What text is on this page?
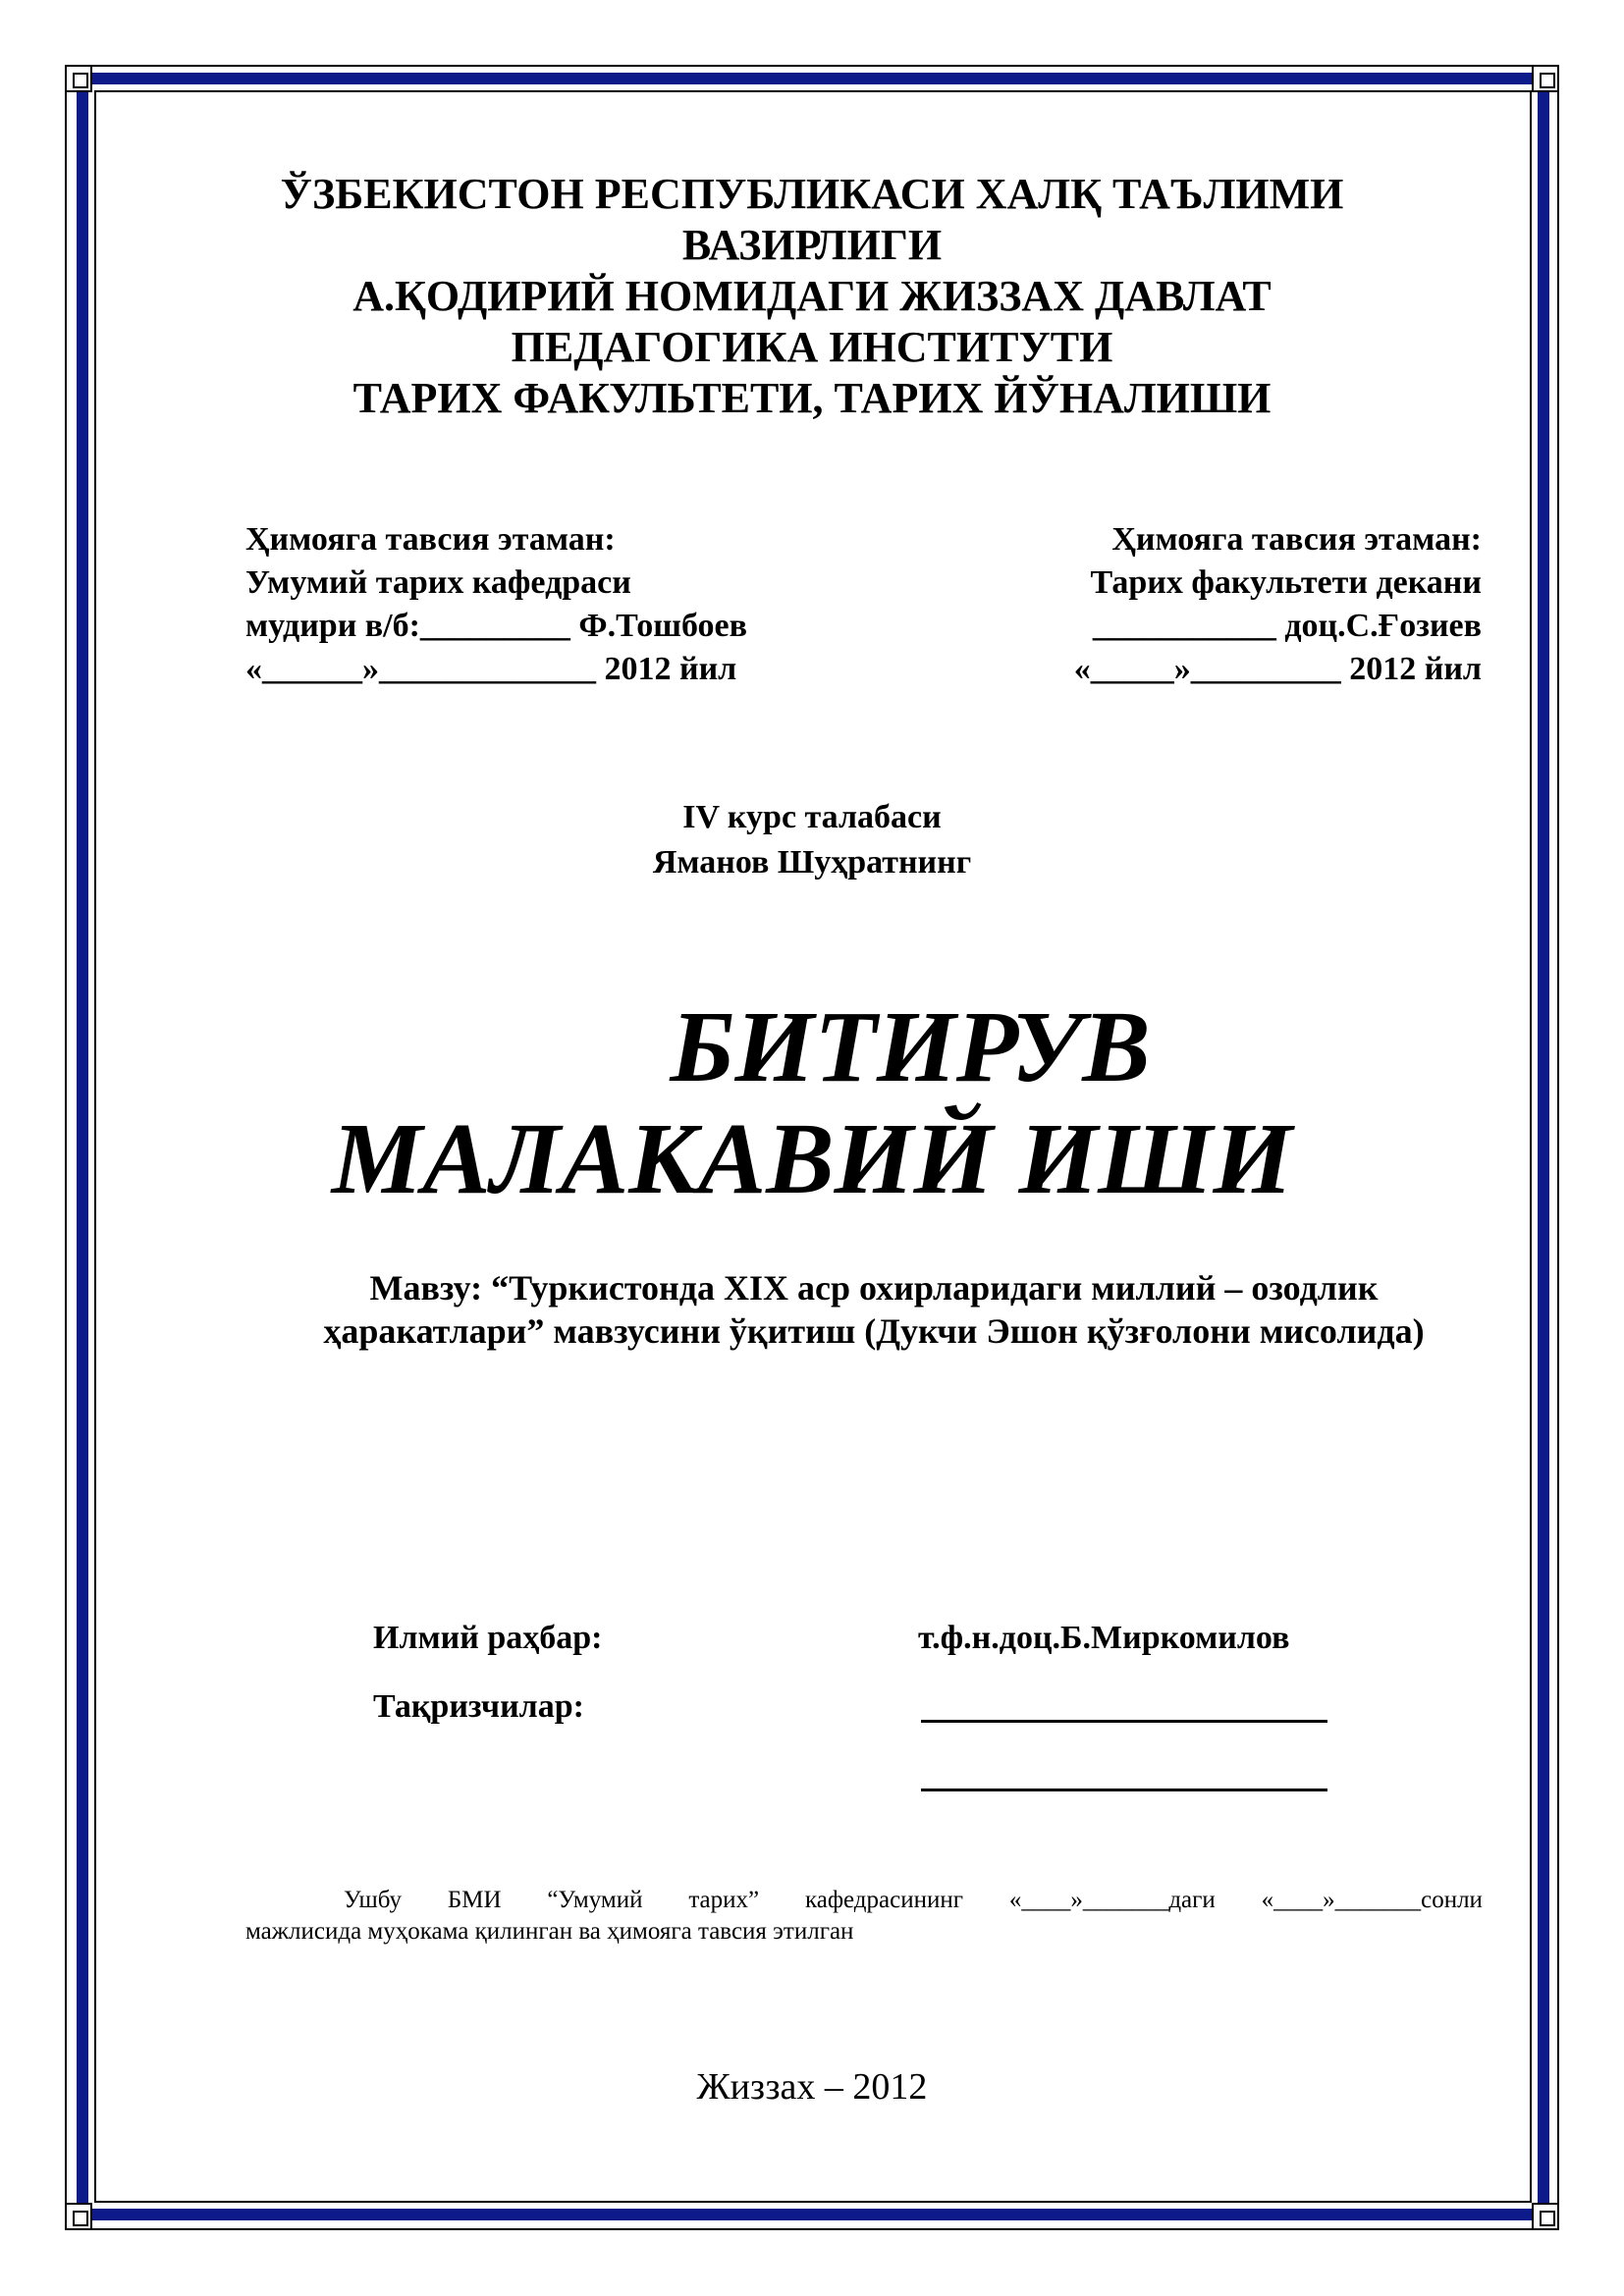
ЎЗБЕКИСТОН РЕСПУБЛИКАСИ ХАЛҚ ТАЪЛИМИ
ВАЗИРЛИГИ
А.ҚОДИРИЙ НОМИДАГИ ЖИЗЗАХ ДАВЛАТ
ПЕДАГОГИКА ИНСТИТУТИ
ТАРИХ ФАКУЛЬТЕТИ, ТАРИХ ЙЎНАЛИШИ
Ҳимояга тавсия этаман:
Умумий тарих кафедраси
мудири в/б:_________ Ф.Тошбоев
«______»_____________ 2012 йил
Ҳимояга тавсия этаман:
Тарих факультети декани
___________ доц.С.Ғозиев
«_____»_________ 2012 йил
IV курс талабаси
Яманов Шуҳратнинг
БИТИРУВ
МАЛАКАВИЙ ИШИ
Мавзу: “Туркистонда XIX аср охирларидаги миллий – озодлик ҳаракатлари” мавзусини ўқитиш (Дукчи Эшон қўзғолони мисолида)
Илмий раҳбар:	т.ф.н.доц.Б.Миркомилов
Тақризчилар:
Ушбу БМИ “Умумий тарих” кафедрасининг «____»_______даги «____»_______сонли
мажлисида муҳокама қилинган ва ҳимояга тавсия этилган
Жиззах – 2012
